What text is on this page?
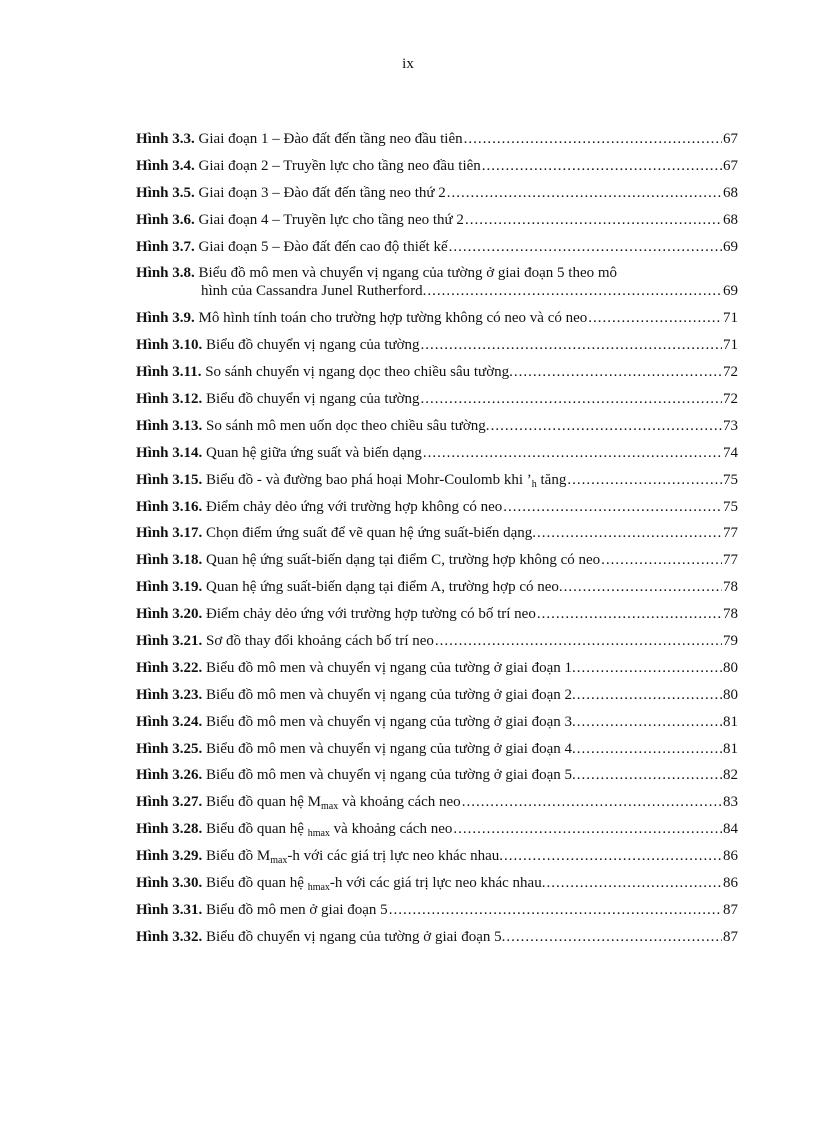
ix
Hình 3.3. Giai đoạn 1 – Đào đất đến tầng neo đầu tiên .....	67
Hình 3.4. Giai đoạn 2 – Truyền lực cho tầng neo đầu tiên .....	67
Hình 3.5. Giai đoạn 3 – Đào đất đến tầng neo thứ 2 .....	68
Hình 3.6. Giai đoạn 4 – Truyền lực cho tầng neo thứ 2 .....	68
Hình 3.7. Giai đoạn 5 – Đào đất đến cao độ thiết kế .....	69
Hình 3.8. Biểu đồ mô men và chuyển vị ngang của tường ở giai đoạn 5 theo mô
hình của Cassandra Junel Rutherford. .....	69
Hình 3.9. Mô hình tính toán cho trường hợp tường không có neo và có neo .....	71
Hình 3.10. Biểu đồ chuyển vị ngang của tường .....	71
Hình 3.11. So sánh chuyển vị ngang dọc theo chiều sâu tường. .....	72
Hình 3.12. Biểu đồ chuyển vị ngang của tường .....	72
Hình 3.13. So sánh mô men uốn dọc theo chiều sâu tường. .....	73
Hình 3.14. Quan hệ giữa ứng suất và biến dạng .....	74
Hình 3.15. Biểu đồ - và đường bao phá hoại Mohr-Coulomb khi $’_h$ tăng .....	75
Hình 3.16. Điểm chảy dẻo ứng với trường hợp không có neo .....	75
Hình 3.17. Chọn điểm ứng suất để vẽ quan hệ ứng suất-biến dạng. .....	77
Hình 3.18. Quan hệ ứng suất-biến dạng tại điểm C, trường hợp không có neo .....	77
Hình 3.19. Quan hệ ứng suất-biến dạng tại điểm A, trường hợp có neo. .....	78
Hình 3.20. Điểm chảy dẻo ứng với trường hợp tường có bố trí neo .....	78
Hình 3.21. Sơ đồ thay đổi khoảng cách bố trí neo .....	79
Hình 3.22. Biểu đồ mô men và chuyển vị ngang của tường ở giai đoạn 1. .....	80
Hình 3.23. Biểu đồ mô men và chuyển vị ngang của tường ở giai đoạn 2. .....	80
Hình 3.24. Biểu đồ mô men và chuyển vị ngang của tường ở giai đoạn 3. .....	81
Hình 3.25. Biểu đồ mô men và chuyển vị ngang của tường ở giai đoạn 4. .....	81
Hình 3.26. Biểu đồ mô men và chuyển vị ngang của tường ở giai đoạn 5. .....	82
Hình 3.27. Biểu đồ quan hệ $M_{max}$ và khoảng cách neo .....	83
Hình 3.28. Biểu đồ quan hệ $_{hmax}$ và khoảng cách neo .....	84
Hình 3.29. Biểu đồ $M_{max}-h$ với các giá trị lực neo khác nhau. .....	86
Hình 3.30. Biểu đồ quan hệ $_{hmax}$-h với các giá trị lực neo khác nhau. .....	86
Hình 3.31. Biểu đồ mô men ở giai đoạn 5 .....	87
Hình 3.32. Biểu đồ chuyển vị ngang của tường ở giai đoạn 5. .....	87
